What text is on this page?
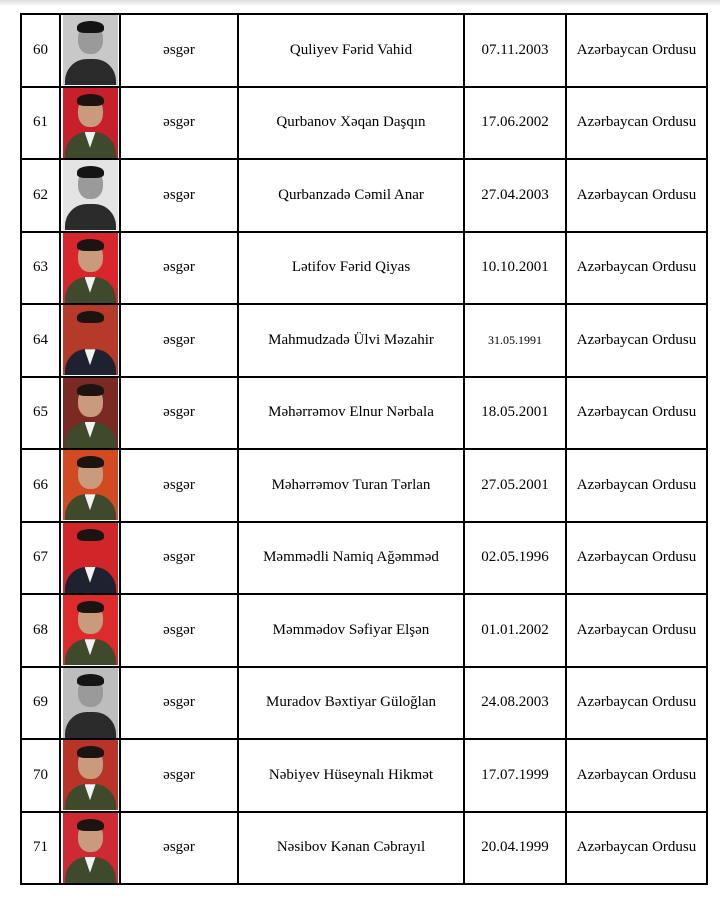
60		əsgər	Quliyev Fərid Vahid	07.11.2003	Azərbaycan Ordusu
61		əsgər	Qurbanov Xəqan Daşqın	17.06.2002	Azərbaycan Ordusu
62		əsgər	Qurbanzadə Cəmil Anar	27.04.2003	Azərbaycan Ordusu
63		əsgər	Lətifov Fərid Qiyas	10.10.2001	Azərbaycan Ordusu
64		əsgər	Mahmudzadə Ülvi Məzahir	31.05.1991	Azərbaycan Ordusu
65		əsgər	Məhərrəmov Elnur Nərbala	18.05.2001	Azərbaycan Ordusu
66		əsgər	Məhərrəmov Turan Tərlan	27.05.2001	Azərbaycan Ordusu
67		əsgər	Məmmədli Namiq Ağəmməd	02.05.1996	Azərbaycan Ordusu
68		əsgər	Məmmədov Səfiyar Elşən	01.01.2002	Azərbaycan Ordusu
69		əsgər	Muradov Bəxtiyar Güloğlan	24.08.2003	Azərbaycan Ordusu
70		əsgər	Nəbiyev Hüseynalı Hikmət	17.07.1999	Azərbaycan Ordusu
71		əsgər	Nəsibov Kənan Cəbrayıl	20.04.1999	Azərbaycan Ordusu
